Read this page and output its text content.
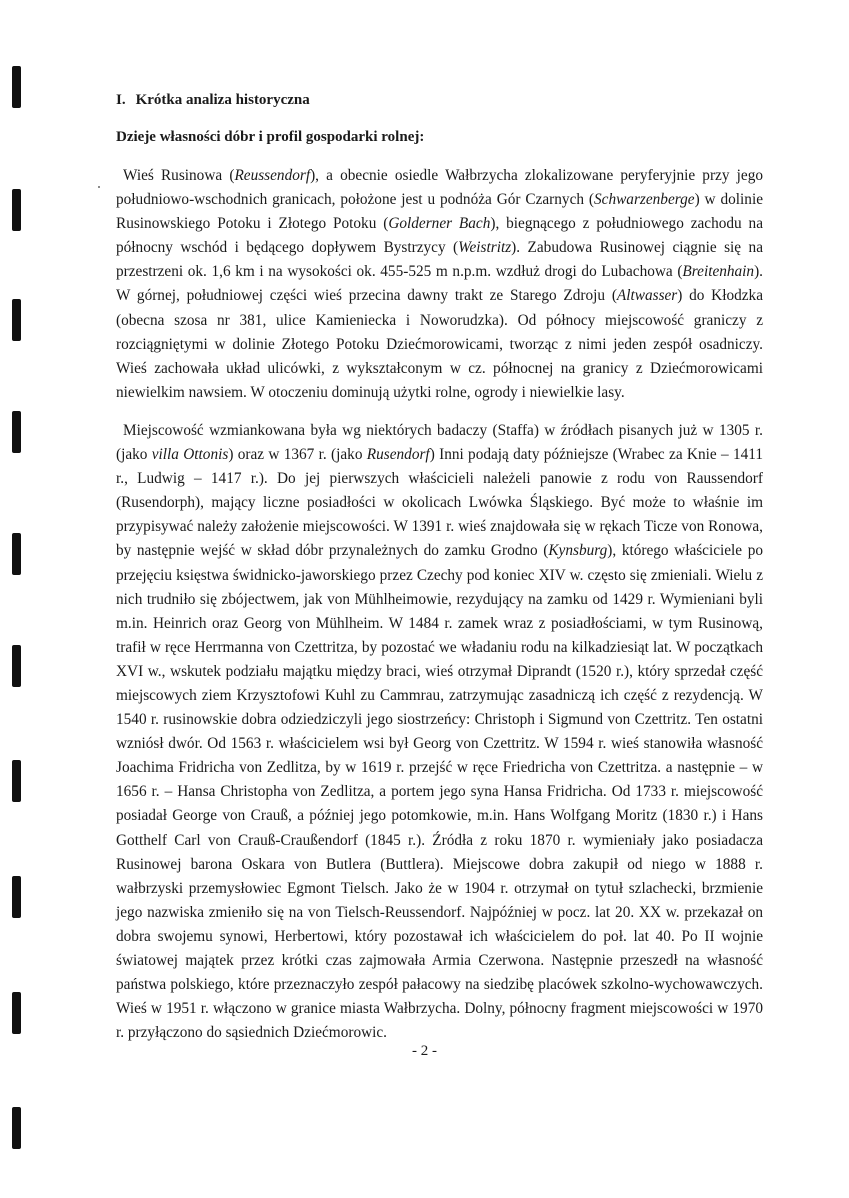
I. Krótka analiza historyczna
Dzieje własności dóbr i profil gospodarki rolnej:

Wieś Rusinowa (Reussendorf), a obecnie osiedle Wałbrzycha zlokalizowane peryferyjnie przy jego południowo-wschodnich granicach, położone jest u podnóża Gór Czarnych (Schwarzenberge) w dolinie Rusinowskiego Potoku i Złotego Potoku (Golderner Bach), biegnącego z południowego zachodu na północny wschód i będącego dopływem Bystrzycy (Weistritz). Zabudowa Rusinowej ciągnie się na przestrzeni ok. 1,6 km i na wysokości ok. 455-525 m n.p.m. wzdłuż drogi do Lubachowa (Breitenhain). W górnej, południowej części wieś przecina dawny trakt ze Starego Zdroju (Altwasser) do Kłodzka (obecna szosa nr 381, ulice Kamieniecka i Noworudzka). Od północy miejscowość graniczy z rozciągniętymi w dolinie Złotego Potoku Dziećmorowicami, tworząc z nimi jeden zespół osadniczy. Wieś zachowała układ ulicówki, z wykształconym w cz. północnej na granicy z Dziećmorowicami niewielkim nawsiem. W otoczeniu dominują użytki rolne, ogrody i niewielkie lasy.

Miejscowość wzmiankowana była wg niektórych badaczy (Staffa) w źródłach pisanych już w 1305 r. (jako villa Ottonis) oraz w 1367 r. (jako Rusendorf) Inni podają daty późniejsze (Wrabec za Knie – 1411 r., Ludwig – 1417 r.). Do jej pierwszych właścicieli należeli panowie z rodu von Raussendorf (Rusendorph), mający liczne posiadłości w okolicach Lwówka Śląskiego. Być może to właśnie im przypisywać należy założenie miejscowości. W 1391 r. wieś znajdowała się w rękach Ticze von Ronowa, by następnie wejść w skład dóbr przynależnych do zamku Grodno (Kynsburg), którego właściciele po przejęciu księstwa świdnicko-jaworskiego przez Czechy pod koniec XIV w. często się zmieniali. Wielu z nich trudniło się zbójectwem, jak von Mühlheimowie, rezydujący na zamku od 1429 r. Wymieniani byli m.in. Heinrich oraz Georg von Mühlheim. W 1484 r. zamek wraz z posiadłościami, w tym Rusinową, trafił w ręce Herrmanna von Czettritza, by pozostać we władaniu rodu na kilkadziesiąt lat. W początkach XVI w., wskutek podziału majątku między braci, wieś otrzymał Diprandt (1520 r.), który sprzedał część miejscowych ziem Krzysztofowi Kuhl zu Cammrau, zatrzymując zasadniczą ich część z rezydencją. W 1540 r. rusinowskie dobra odziedziczyli jego siostrzeńcy: Christoph i Sigmund von Czettritz. Ten ostatni wzniósł dwór. Od 1563 r. właścicielem wsi był Georg von Czettritz. W 1594 r. wieś stanowiła własność Joachima Fridricha von Zedlitza, by w 1619 r. przejść w ręce Friedricha von Czettritza. a następnie – w 1656 r. – Hansa Christopha von Zedlitza, a portem jego syna Hansa Fridricha. Od 1733 r. miejscowość posiadał George von Crauß, a później jego potomkowie, m.in. Hans Wolfgang Moritz (1830 r.) i Hans Gotthelf Carl von Crauß-Craußendorf (1845 r.). Źródła z roku 1870 r. wymieniały jako posiadacza Rusinowej barona Oskara von Butlera (Buttlera). Miejscowe dobra zakupił od niego w 1888 r. wałbrzyski przemysłowiec Egmont Tielsch. Jako że w 1904 r. otrzymał on tytuł szlachecki, brzmienie jego nazwiska zmieniło się na von Tielsch-Reussendorf. Najpóźniej w pocz. lat 20. XX w. przekazał on dobra swojemu synowi, Herbertowi, który pozostawał ich właścicielem do poł. lat 40. Po II wojnie światowej majątek przez krótki czas zajmowała Armia Czerwona. Następnie przeszedł na własność państwa polskiego, które przeznaczyło zespół pałacowy na siedzibę placówek szkolno-wychowawczych. Wieś w 1951 r. włączono w granice miasta Wałbrzycha. Dolny, północny fragment miejscowości w 1970 r. przyłączono do sąsiednich Dziećmorowic.

- 2 -
